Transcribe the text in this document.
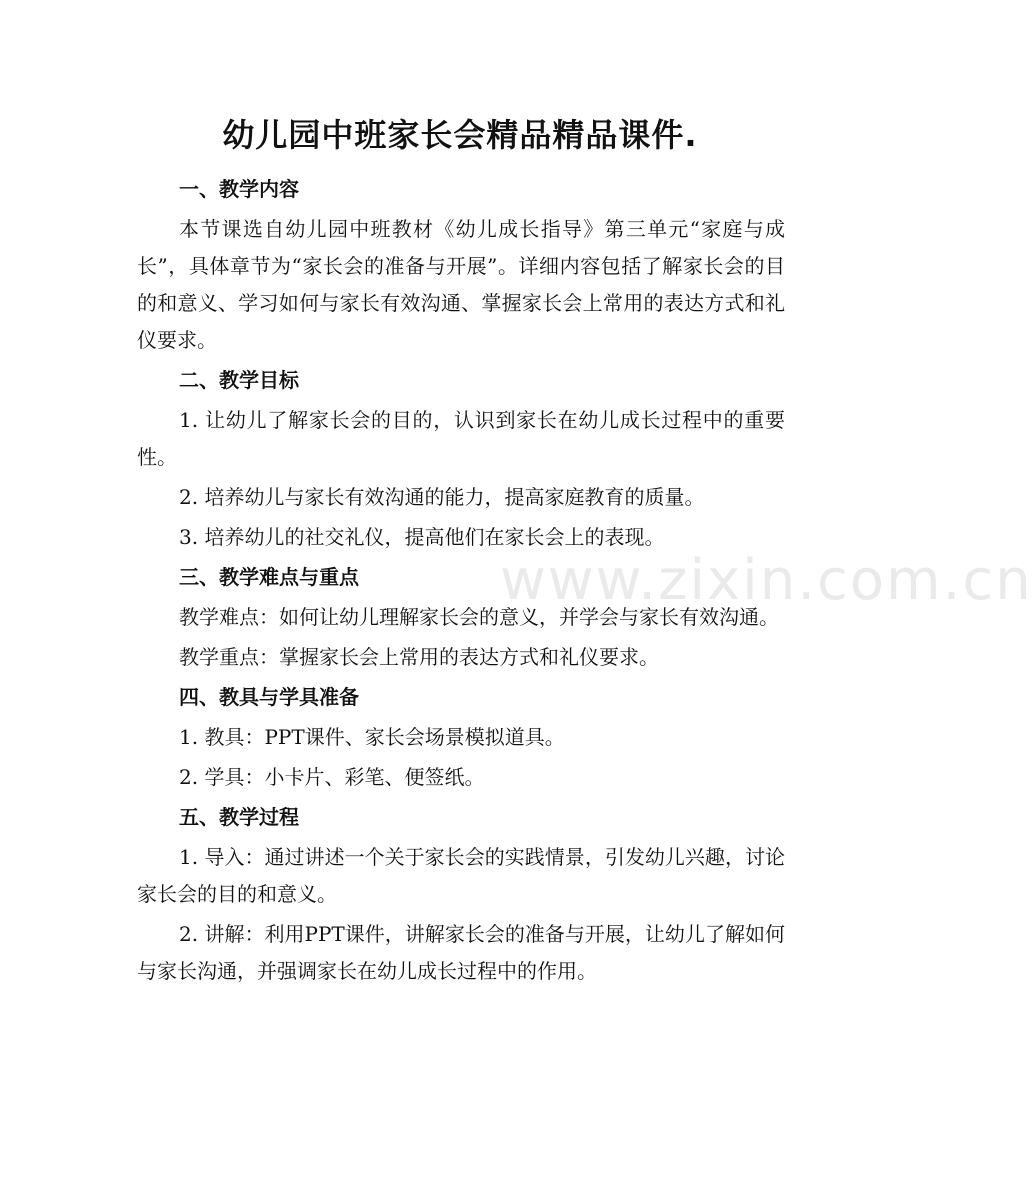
幼儿园中班家长会精品精品课件.
一、教学内容

本节课选自幼儿园中班教材《幼儿成长指导》第三单元“家庭与成长”，具体章节为“家长会的准备与开展”。详细内容包括了解家长会的目的和意义、学习如何与家长有效沟通、掌握家长会上常用的表达方式和礼仪要求。

二、教学目标

1. 让幼儿了解家长会的目的，认识到家长在幼儿成长过程中的重要性。

2. 培养幼儿与家长有效沟通的能力，提高家庭教育的质量。

3. 培养幼儿的社交礼仪，提高他们在家长会上的表现。

三、教学难点与重点

教学难点：如何让幼儿理解家长会的意义，并学会与家长有效沟通。

教学重点：掌握家长会上常用的表达方式和礼仪要求。

四、教具与学具准备

1. 教具：PPT课件、家长会场景模拟道具。

2. 学具：小卡片、彩笔、便签纸。

五、教学过程

1. 导入：通过讲述一个关于家长会的实践情景，引发幼儿兴趣，讨论家长会的目的和意义。

2. 讲解：利用PPT课件，讲解家长会的准备与开展，让幼儿了解如何与家长沟通，并强调家长在幼儿成长过程中的作用。

www.zixin.com.cn
